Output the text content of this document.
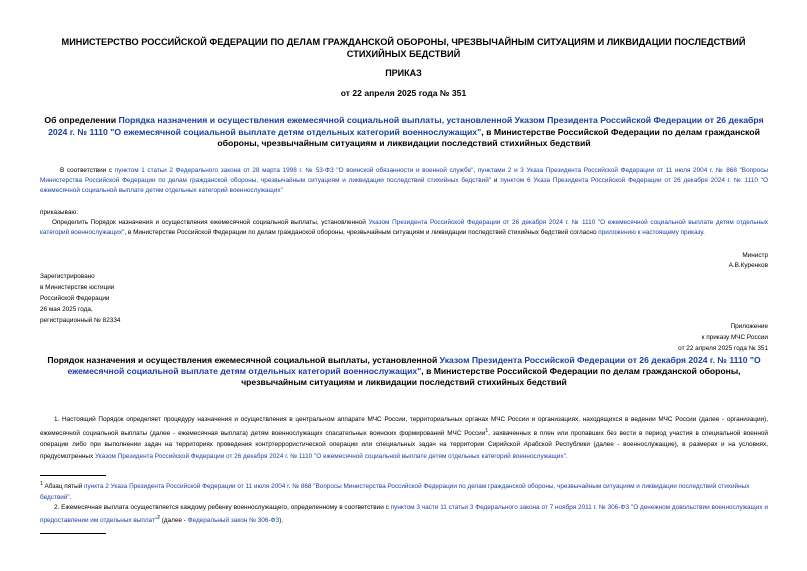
МИНИСТЕРСТВО РОССИЙСКОЙ ФЕДЕРАЦИИ ПО ДЕЛАМ ГРАЖДАНСКОЙ ОБОРОНЫ, ЧРЕЗВЫЧАЙНЫМ СИТУАЦИЯМ И ЛИКВИДАЦИИ ПОСЛЕДСТВИЙ СТИХИЙНЫХ БЕДСТВИЙ
ПРИКАЗ
от 22 апреля 2025 года № 351
Об определении Порядка назначения и осуществления ежемесячной социальной выплаты, установленной Указом Президента Российской Федерации от 26 декабря 2024 г. № 1110 "О ежемесячной социальной выплате детям отдельных категорий военнослужащих", в Министерстве Российской Федерации по делам гражданской обороны, чрезвычайным ситуациям и ликвидации последствий стихийных бедствий
В соответствии с пунктом 1 статьи 2 Федерального закона от 28 марта 1998 г. № 53-ФЗ "О воинской обязанности и военной службе", пунктами 2 и 3 Указа Президента Российской Федерации от 11 июля 2004 г. № 868 "Вопросы Министерства Российской Федерации по делам гражданской обороны, чрезвычайным ситуациям и ликвидации последствий стихийных бедствий" и пунктом 6 Указа Президента Российской Федерации от 26 декабря 2024 г. № 1110 "О ежемесячной социальной выплате детям отдельных категорий военнослужащих"
приказываю:
Определить Порядок назначения и осуществления ежемесячной социальной выплаты, установленной Указом Президента Российской Федерации от 26 декабря 2024 г. № 1110 "О ежемесячной социальной выплате детям отдельных категорий военнослужащих", в Министерстве Российской Федерации по делам гражданской обороны, чрезвычайным ситуациям и ликвидации последствий стихийных бедствий согласно приложению к настоящему приказу.
Министр
А.В.Куренков
Зарегистрировано
в Министерстве юстиции
Российской Федерации
26 мая 2025 года,
регистрационный № 82334
Приложение
к приказу МЧС России
от 22 апреля 2025 года № 351
Порядок назначения и осуществления ежемесячной социальной выплаты, установленной Указом Президента Российской Федерации от 26 декабря 2024 г. № 1110 "О ежемесячной социальной выплате детям отдельных категорий военнослужащих", в Министерстве Российской Федерации по делам гражданской обороны, чрезвычайным ситуациям и ликвидации последствий стихийных бедствий
1. Настоящий Порядок определяет процедуру назначения и осуществления в центральном аппарате МЧС России, территориальных органах МЧС России и организациях, находящихся в ведении МЧС России (далее - организации), ежемесячной социальной выплаты (далее - ежемесячная выплата) детям военнослужащих спасательных воинских формирований МЧС России$^1$, захваченных в плен или пропавших без вести в период участия в специальной военной операции либо при выполнении задач на территориях проведения контртеррористической операции или специальных задач на территории Сирийской Арабской Республики (далее - военнослужащие), в размерах и на условиях, предусмотренных Указом Президента Российской Федерации от 26 декабря 2024 г. № 1110 "О ежемесячной социальной выплате детям отдельных категорий военнослужащих".
$^1$ Абзац пятый пункта 2 Указа Президента Российской Федерации от 11 июля 2004 г. № 868 "Вопросы Министерства Российской Федерации по делам гражданской обороны, чрезвычайным ситуациям и ликвидации последствий стихийных бедствий".
2. Ежемесячная выплата осуществляется каждому ребенку военнослужащего, определенному в соответствии с пунктом 3 части 11 статьи 3 Федерального закона от 7 ноября 2011 г. № 306-ФЗ "О денежном довольствии военнослужащих и предоставлении им отдельных выплат"$^2$ (далее - Федеральный закон № 306-ФЗ).
